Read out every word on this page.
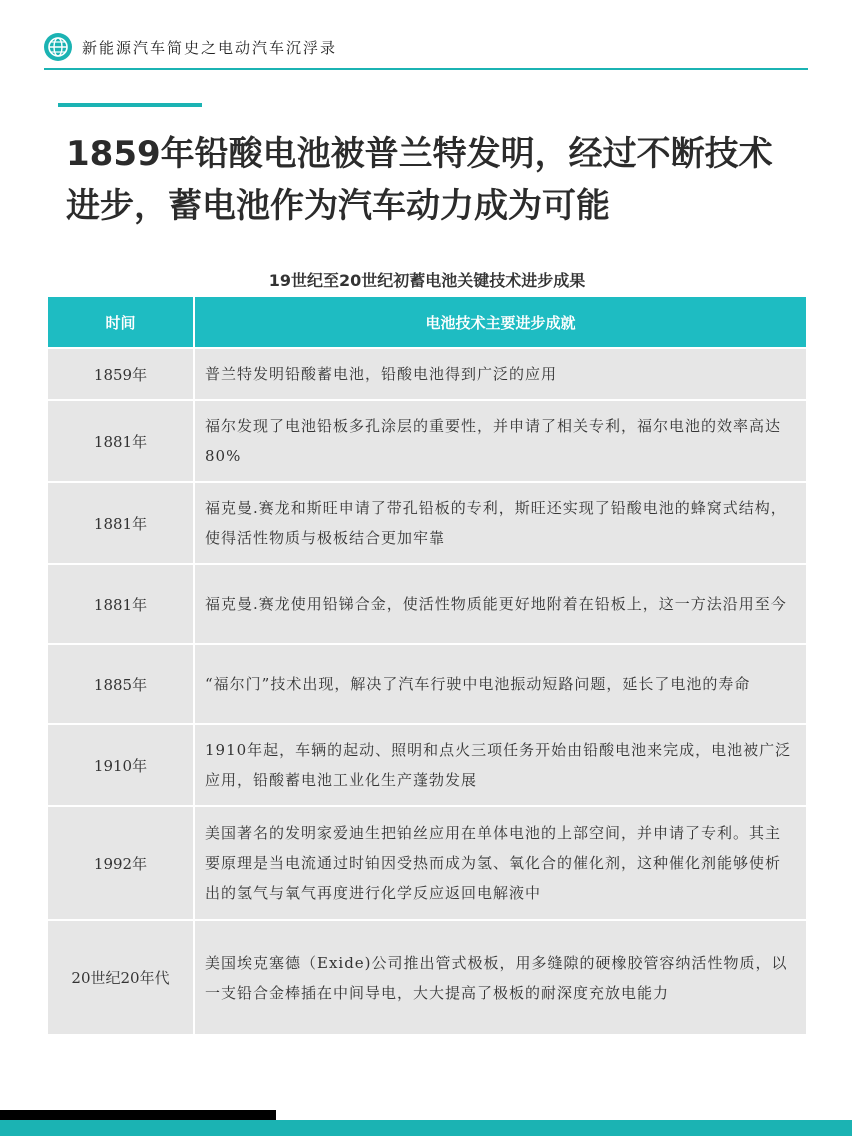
新能源汽车简史之电动汽车沉浮录
1859年铅酸电池被普兰特发明，经过不断技术进步，蓄电池作为汽车动力成为可能
19世纪至20世纪初蓄电池关键技术进步成果
时间	电池技术主要进步成就
1859年	普兰特发明铅酸蓄电池，铅酸电池得到广泛的应用
1881年	福尔发现了电池铅板多孔涂层的重要性，并申请了相关专利，福尔电池的效率高达80%
1881年	福克曼.赛龙和斯旺申请了带孔铅板的专利，斯旺还实现了铅酸电池的蜂窝式结构，使得活性物质与极板结合更加牢靠
1881年	福克曼.赛龙使用铅锑合金，使活性物质能更好地附着在铅板上，这一方法沿用至今
1885年	“福尔门”技术出现，解决了汽车行驶中电池振动短路问题，延长了电池的寿命
1910年	1910年起，车辆的起动、照明和点火三项任务开始由铅酸电池来完成，电池被广泛应用，铅酸蓄电池工业化生产蓬勃发展
1992年	美国著名的发明家爱迪生把铂丝应用在单体电池的上部空间，并申请了专利。其主要原理是当电流通过时铂因受热而成为氢、氧化合的催化剂，这种催化剂能够使析出的氢气与氧气再度进行化学反应返回电解液中
20世纪20年代	美国埃克塞德（Exide)公司推出管式极板，用多缝隙的硬橡胶管容纳活性物质，以一支铅合金棒插在中间导电，大大提高了极板的耐深度充放电能力
